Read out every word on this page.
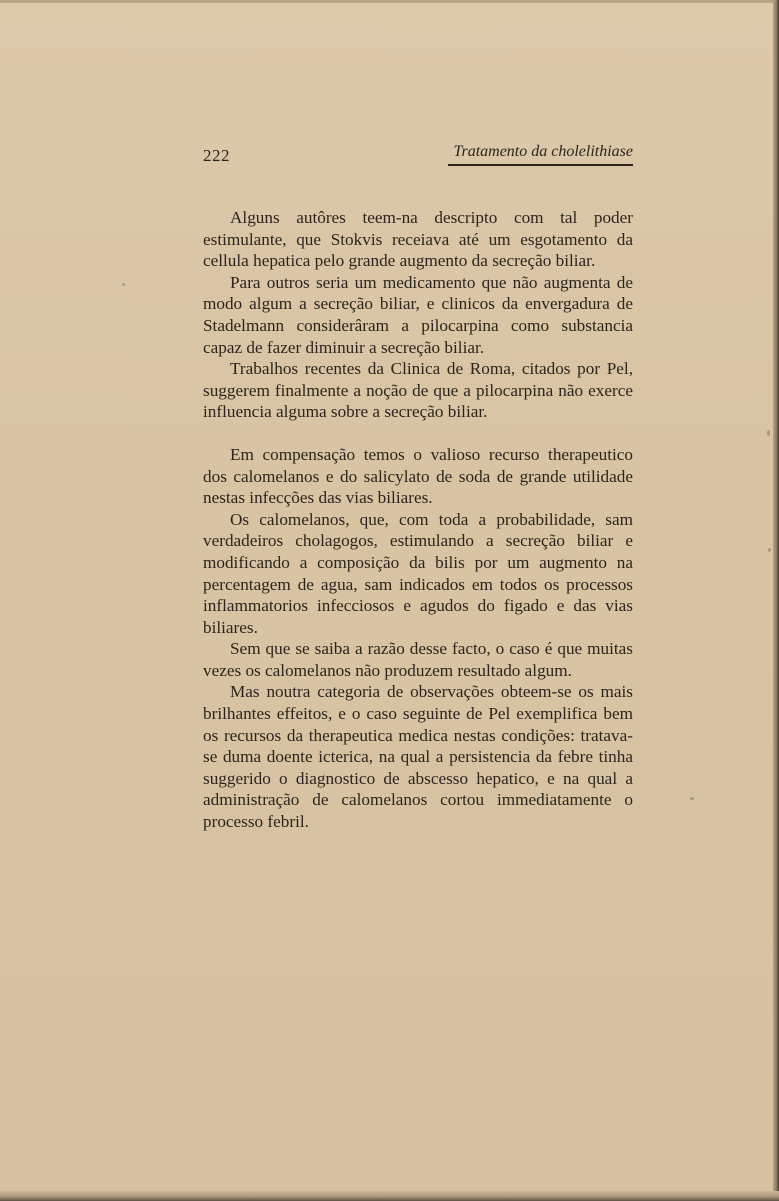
222	Tratamento da cholelithiase

Alguns autôres teem-na descripto com tal poder estimulante, que Stokvis receiava até um esgotamento da cellula hepatica pelo grande augmento da secreção biliar.

Para outros seria um medicamento que não augmenta de modo algum a secreção biliar, e clinicos da envergadura de Stadelmann considerâram a pilocarpina como substancia capaz de fazer diminuir a secreção biliar.

Trabalhos recentes da Clinica de Roma, citados por Pel, suggerem finalmente a noção de que a pilocarpina não exerce influencia alguma sobre a secreção biliar.

Em compensação temos o valioso recurso therapeutico dos calomelanos e do salicylato de soda de grande utilidade nestas infecções das vias biliares.

Os calomelanos, que, com toda a probabilidade, sam verdadeiros cholagogos, estimulando a secreção biliar e modificando a composição da bilis por um augmento na percentagem de agua, sam indicados em todos os processos inflammatorios infecciosos e agudos do figado e das vias biliares.

Sem que se saiba a razão desse facto, o caso é que muitas vezes os calomelanos não produzem resultado algum.

Mas noutra categoria de observações obteem-se os mais brilhantes effeitos, e o caso seguinte de Pel exemplifica bem os recursos da therapeutica medica nestas condições: tratava-se duma doente icterica, na qual a persistencia da febre tinha suggerido o diagnostico de abscesso hepatico, e na qual a administração de calomelanos cortou immediatamente o processo febril.
